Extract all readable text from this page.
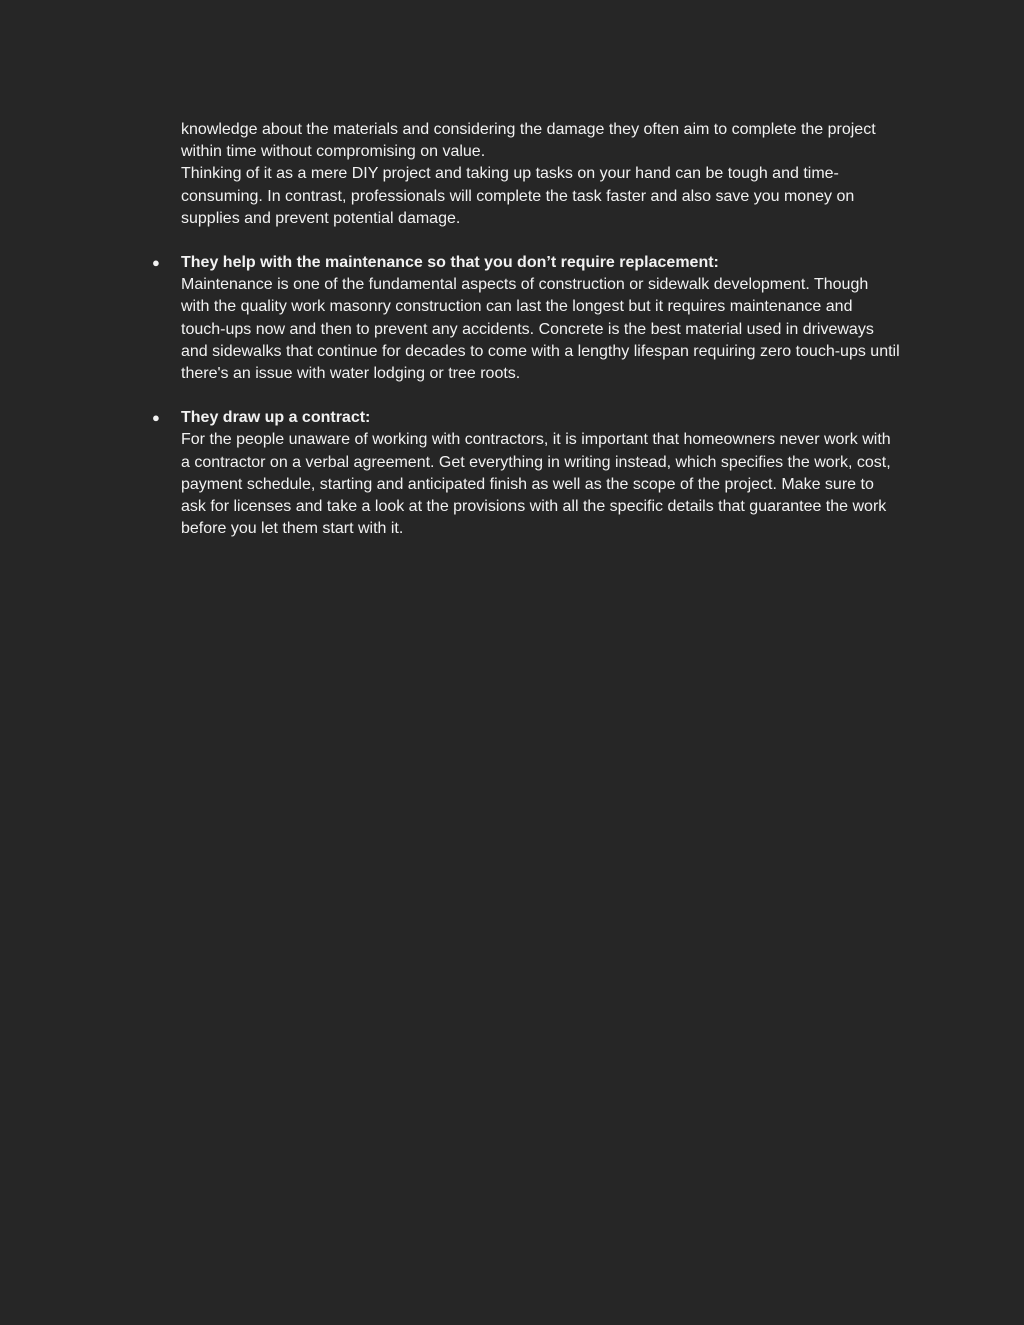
knowledge about the materials and considering the damage they often aim to complete the project within time without compromising on value.

Thinking of it as a mere DIY project and taking up tasks on your hand can be tough and time-consuming. In contrast, professionals will complete the task faster and also save you money on supplies and prevent potential damage.

● They help with the maintenance so that you don’t require replacement:

Maintenance is one of the fundamental aspects of construction or sidewalk development. Though with the quality work masonry construction can last the longest but it requires maintenance and touch-ups now and then to prevent any accidents. Concrete is the best material used in driveways and sidewalks that continue for decades to come with a lengthy lifespan requiring zero touch-ups until there's an issue with water lodging or tree roots.

● They draw up a contract:

For the people unaware of working with contractors, it is important that homeowners never work with a contractor on a verbal agreement. Get everything in writing instead, which specifies the work, cost, payment schedule, starting and anticipated finish as well as the scope of the project. Make sure to ask for licenses and take a look at the provisions with all the specific details that guarantee the work before you let them start with it.
